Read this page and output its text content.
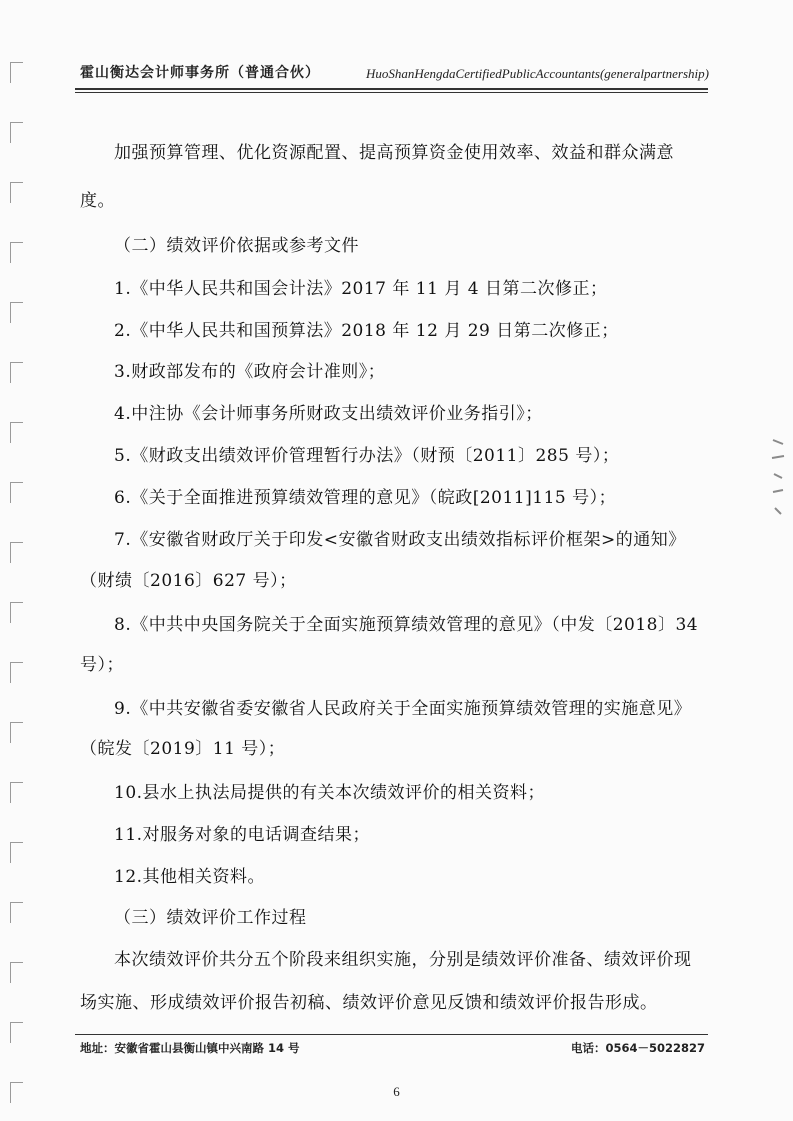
霍山衡达会计师事务所（普通合伙）	HuoShanHengdaCertifiedPublicAccountants(generalpartnership)
加强预算管理、优化资源配置、提高预算资金使用效率、效益和群众满意
度。
（二）绩效评价依据或参考文件
1.《中华人民共和国会计法》2017 年 11 月 4 日第二次修正；
2.《中华人民共和国预算法》2018 年 12 月 29 日第二次修正；
3.财政部发布的《政府会计准则》；
4.中注协《会计师事务所财政支出绩效评价业务指引》；
5.《财政支出绩效评价管理暂行办法》（财预〔2011〕285 号）；
6.《关于全面推进预算绩效管理的意见》（皖政[2011]115 号）；
7.《安徽省财政厅关于印发<安徽省财政支出绩效指标评价框架>的通知》
（财绩〔2016〕627 号）；
8.《中共中央国务院关于全面实施预算绩效管理的意见》（中发〔2018〕34
号）；
9.《中共安徽省委安徽省人民政府关于全面实施预算绩效管理的实施意见》
（皖发〔2019〕11 号）；
10.县水上执法局提供的有关本次绩效评价的相关资料；
11.对服务对象的电话调查结果；
12.其他相关资料。
（三）绩效评价工作过程
本次绩效评价共分五个阶段来组织实施，分别是绩效评价准备、绩效评价现
场实施、形成绩效评价报告初稿、绩效评价意见反馈和绩效评价报告形成。
地址：安徽省霍山县衡山镇中兴南路 14 号	电话：0564－5022827
6
